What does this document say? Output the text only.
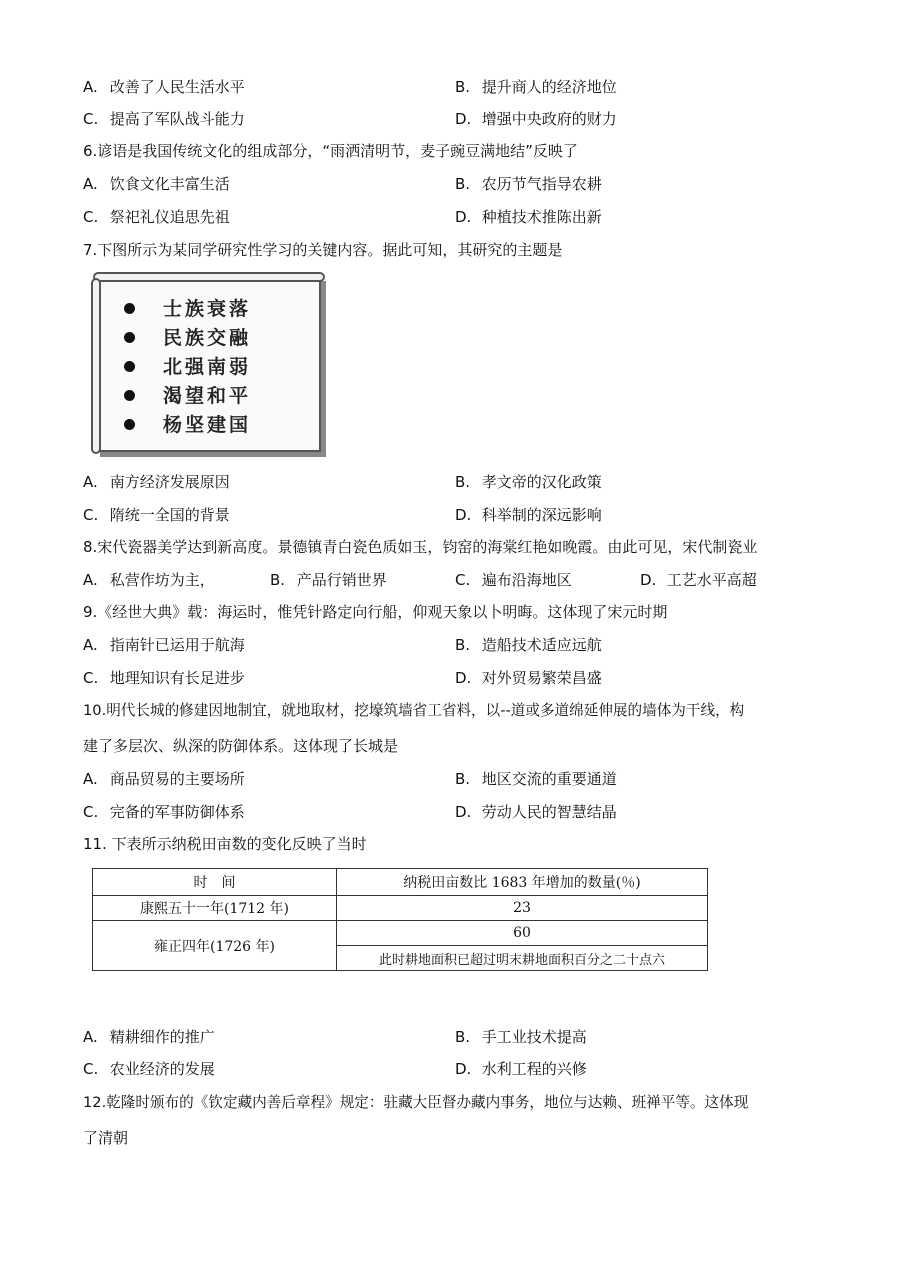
A. 改善了人民生活水平	B. 提升商人的经济地位
C. 提高了军队战斗能力	D. 增强中央政府的财力
6.谚语是我国传统文化的组成部分，“雨洒清明节，麦子豌豆满地结”反映了
A. 饮食文化丰富生活	B. 农历节气指导农耕
C. 祭祀礼仪追思先祖	D. 种植技术推陈出新
7.下图所示为某同学研究性学习的关键内容。据此可知，其研究的主题是
士族衰落
民族交融
北强南弱
渴望和平
杨坚建国
A. 南方经济发展原因	B. 孝文帝的汉化政策
C. 隋统一全国的背景	D. 科举制的深远影响
8.宋代瓷器美学达到新高度。景德镇青白瓷色质如玉，钧窑的海棠红艳如晚霞。由此可见，宋代制瓷业
A. 私营作坊为主，	B. 产品行销世界	C. 遍布沿海地区	D. 工艺水平高超
9.《经世大典》载：海运时，惟凭针路定向行船，仰观天象以卜明晦。这体现了宋元时期
A. 指南针已运用于航海	B. 造船技术适应远航
C. 地理知识有长足进步	D. 对外贸易繁荣昌盛
10.明代长城的修建因地制宜，就地取材，挖壕筑墙省工省料，以--道或多道绵延伸展的墙体为干线，构
建了多层次、纵深的防御体系。这体现了长城是
A. 商品贸易的主要场所	B. 地区交流的重要通道
C. 完备的军事防御体系	D. 劳动人民的智慧结晶
11. 下表所示纳税田亩数的变化反映了当时
时　间	纳税田亩数比 1683 年增加的数量(％)
康熙五十一年(1712 年)	23
雍正四年(1726 年)	60
	此时耕地面积已超过明末耕地面积百分之二十点六
A. 精耕细作的推广	B. 手工业技术提高
C. 农业经济的发展	D. 水利工程的兴修
12.乾隆时颁布的《钦定藏内善后章程》规定：驻藏大臣督办藏内事务，地位与达赖、班禅平等。这体现
了清朝
